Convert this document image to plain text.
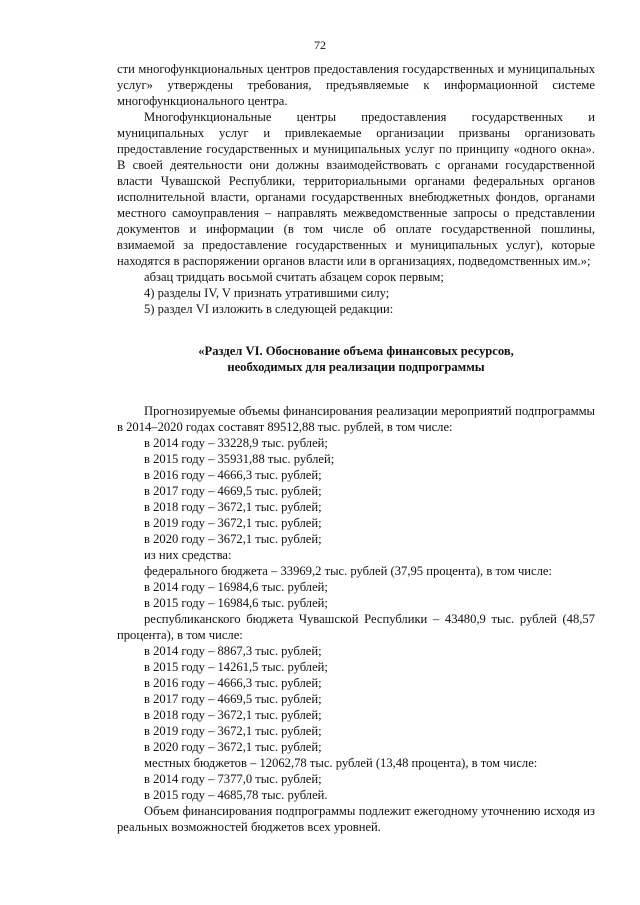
72

сти многофункциональных центров предоставления государственных и муниципальных услуг» утверждены требования, предъявляемые к информационной системе многофункционального центра.

Многофункциональные центры предоставления государственных и муниципальных услуг и привлекаемые организации призваны организовать предоставление государственных и муниципальных услуг по принципу «одного окна». В своей деятельности они должны взаимодействовать с органами государственной власти Чувашской Республики, территориальными органами федеральных органов исполнительной власти, органами государственных внебюджетных фондов, органами местного самоуправления – направлять межведомственные запросы о представлении документов и информации (в том числе об оплате государственной пошлины, взимаемой за предоставление государственных и муниципальных услуг), которые находятся в распоряжении органов власти или в организациях, подведомственных им.»;

абзац тридцать восьмой считать абзацем сорок первым;

4) разделы IV, V признать утратившими силу;

5) раздел VI изложить в следующей редакции:

«Раздел VI. Обоснование объема финансовых ресурсов,
необходимых для реализации подпрограммы

Прогнозируемые объемы финансирования реализации мероприятий подпрограммы в 2014–2020 годах составят 89512,88 тыс. рублей, в том числе:

в 2014 году – 33228,9 тыс. рублей;
в 2015 году – 35931,88 тыс. рублей;
в 2016 году – 4666,3 тыс. рублей;
в 2017 году – 4669,5 тыс. рублей;
в 2018 году – 3672,1 тыс. рублей;
в 2019 году – 3672,1 тыс. рублей;
в 2020 году – 3672,1 тыс. рублей;
из них средства:

федерального бюджета – 33969,2 тыс. рублей (37,95 процента), в том числе:

в 2014 году – 16984,6 тыс. рублей;
в 2015 году – 16984,6 тыс. рублей;

республиканского бюджета Чувашской Республики – 43480,9 тыс. рублей (48,57 процента), в том числе:

в 2014 году – 8867,3 тыс. рублей;
в 2015 году – 14261,5 тыс. рублей;
в 2016 году – 4666,3 тыс. рублей;
в 2017 году – 4669,5 тыс. рублей;
в 2018 году – 3672,1 тыс. рублей;
в 2019 году – 3672,1 тыс. рублей;
в 2020 году – 3672,1 тыс. рублей;
местных бюджетов – 12062,78 тыс. рублей (13,48 процента), в том числе:
в 2014 году – 7377,0 тыс. рублей;
в 2015 году – 4685,78 тыс. рублей.

Объем финансирования подпрограммы подлежит ежегодному уточнению исходя из реальных возможностей бюджетов всех уровней.
